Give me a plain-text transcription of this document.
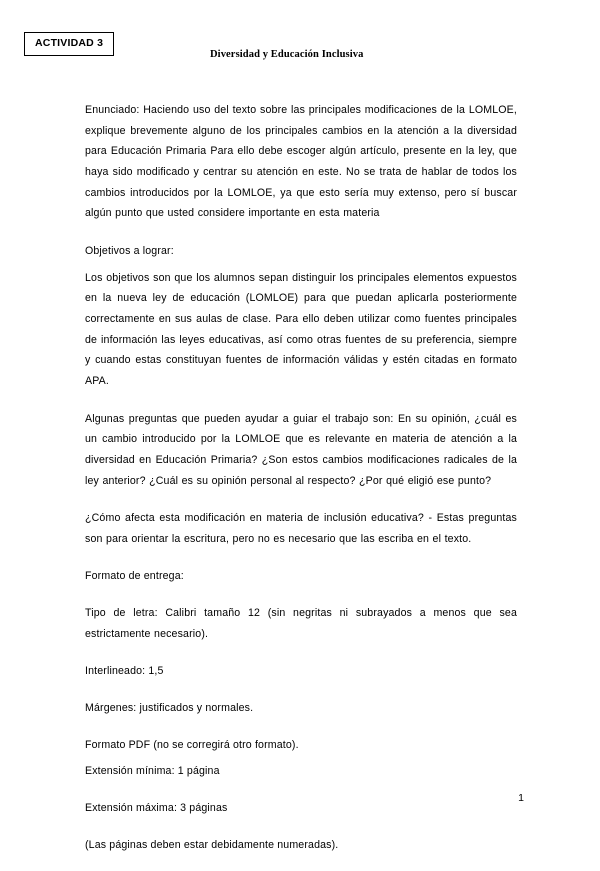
ACTIVIDAD 3
Diversidad y Educación Inclusiva

Enunciado: Haciendo uso del texto sobre las principales modificaciones de la LOMLOE, explique brevemente alguno de los principales cambios en la atención a la diversidad para Educación Primaria Para ello debe escoger algún artículo, presente en la ley, que haya sido modificado y centrar su atención en este. No se trata de hablar de todos los cambios introducidos por la LOMLOE, ya que esto sería muy extenso, pero sí buscar algún punto que usted considere importante en esta materia

Objetivos a lograr:

Los objetivos son que los alumnos sepan distinguir los principales elementos expuestos en la nueva ley de educación (LOMLOE) para que puedan aplicarla posteriormente correctamente en sus aulas de clase. Para ello deben utilizar como fuentes principales de información las leyes educativas, así como otras fuentes de su preferencia, siempre y cuando estas constituyan fuentes de información válidas y estén citadas en formato APA.

Algunas preguntas que pueden ayudar a guiar el trabajo son: En su opinión, ¿cuál es un cambio introducido por la LOMLOE que es relevante en materia de atención a la diversidad en Educación Primaria? ¿Son estos cambios modificaciones radicales de la ley anterior? ¿Cuál es su opinión personal al respecto? ¿Por qué eligió ese punto?

¿Cómo afecta esta modificación en materia de inclusión educativa? - Estas preguntas son para orientar la escritura, pero no es necesario que las escriba en el texto.

Formato de entrega:

Tipo de letra: Calibri tamaño 12 (sin negritas ni subrayados a menos que sea estrictamente necesario).

Interlineado: 1,5

Márgenes: justificados y normales.

Formato PDF (no se corregirá otro formato).

Extensión mínima: 1 página

Extensión máxima: 3 páginas

(Las páginas deben estar debidamente numeradas).

1
